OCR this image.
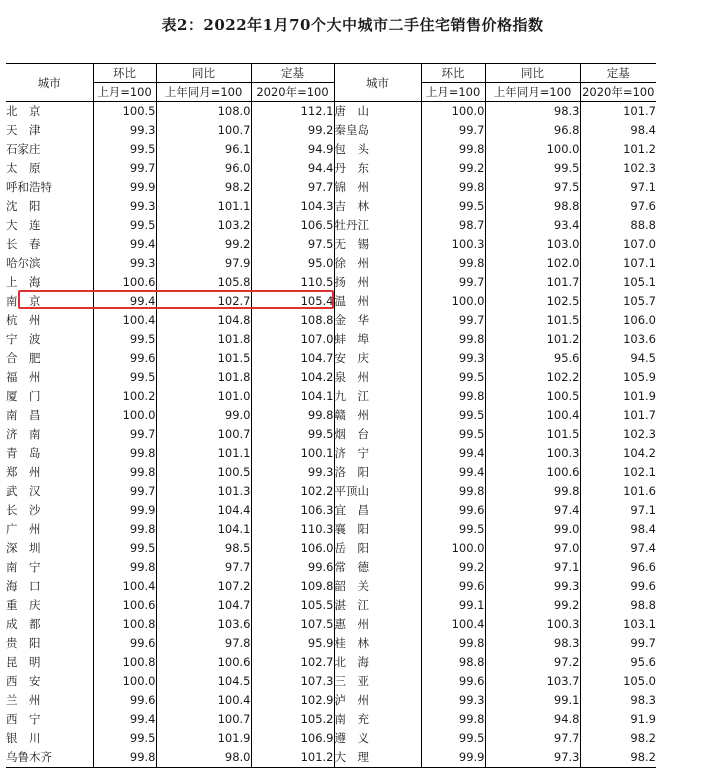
表2：2022年1月70个大中城市二手住宅销售价格指数
城市	环比	同比	定基	城市	环比	同比	定基
	上月=100	上年同月=100	2020年=100		上月=100	上年同月=100	2020年=100
北　京	100.5	108.0	112.1	唐　山	100.0	98.3	101.7
天　津	99.3	100.7	99.2	秦皇岛	99.7	96.8	98.4
石家庄	99.5	96.1	94.9	包　头	99.8	100.0	101.2
太　原	99.7	96.0	94.4	丹　东	99.2	99.5	102.3
呼和浩特	99.9	98.2	97.7	锦　州	99.8	97.5	97.1
沈　阳	99.3	101.1	104.3	吉　林	99.5	98.8	97.6
大　连	99.5	103.2	106.5	牡丹江	98.7	93.4	88.8
长　春	99.4	99.2	97.5	无　锡	100.3	103.0	107.0
哈尔滨	99.3	97.9	95.0	徐　州	99.8	102.0	107.1
上　海	100.6	105.8	110.5	扬　州	99.7	101.7	105.1
南　京	99.4	102.7	105.4	温　州	100.0	102.5	105.7
杭　州	100.4	104.8	108.8	金　华	99.7	101.5	106.0
宁　波	99.5	101.8	107.0	蚌　埠	99.8	101.2	103.6
合　肥	99.6	101.5	104.7	安　庆	99.3	95.6	94.5
福　州	99.5	101.8	104.2	泉　州	99.5	102.2	105.9
厦　门	100.2	101.0	104.1	九　江	99.8	100.5	101.9
南　昌	100.0	99.0	99.8	赣　州	99.5	100.4	101.7
济　南	99.7	100.7	99.5	烟　台	99.5	101.5	102.3
青　岛	99.8	101.1	100.1	济　宁	99.4	100.3	104.2
郑　州	99.8	100.5	99.3	洛　阳	99.4	100.6	102.1
武　汉	99.7	101.3	102.2	平顶山	99.8	99.8	101.6
长　沙	99.9	104.4	106.3	宜　昌	99.6	97.4	97.1
广　州	99.8	104.1	110.3	襄　阳	99.5	99.0	98.4
深　圳	99.5	98.5	106.0	岳　阳	100.0	97.0	97.4
南　宁	99.8	97.7	99.6	常　德	99.2	97.1	96.6
海　口	100.4	107.2	109.8	韶　关	99.6	99.3	99.6
重　庆	100.6	104.7	105.5	湛　江	99.1	99.2	98.8
成　都	100.8	103.6	107.5	惠　州	100.4	100.3	103.1
贵　阳	99.6	97.8	95.9	桂　林	99.8	98.3	99.7
昆　明	100.8	100.6	102.7	北　海	98.8	97.2	95.6
西　安	100.0	104.5	107.3	三　亚	99.6	103.7	105.0
兰　州	99.6	100.4	102.9	泸　州	99.3	99.1	98.3
西　宁	99.4	100.7	105.2	南　充	99.8	94.8	91.9
银　川	99.5	101.9	106.9	遵　义	99.5	97.7	98.2
乌鲁木齐	99.8	98.0	101.2	大　理	99.9	97.3	98.2
